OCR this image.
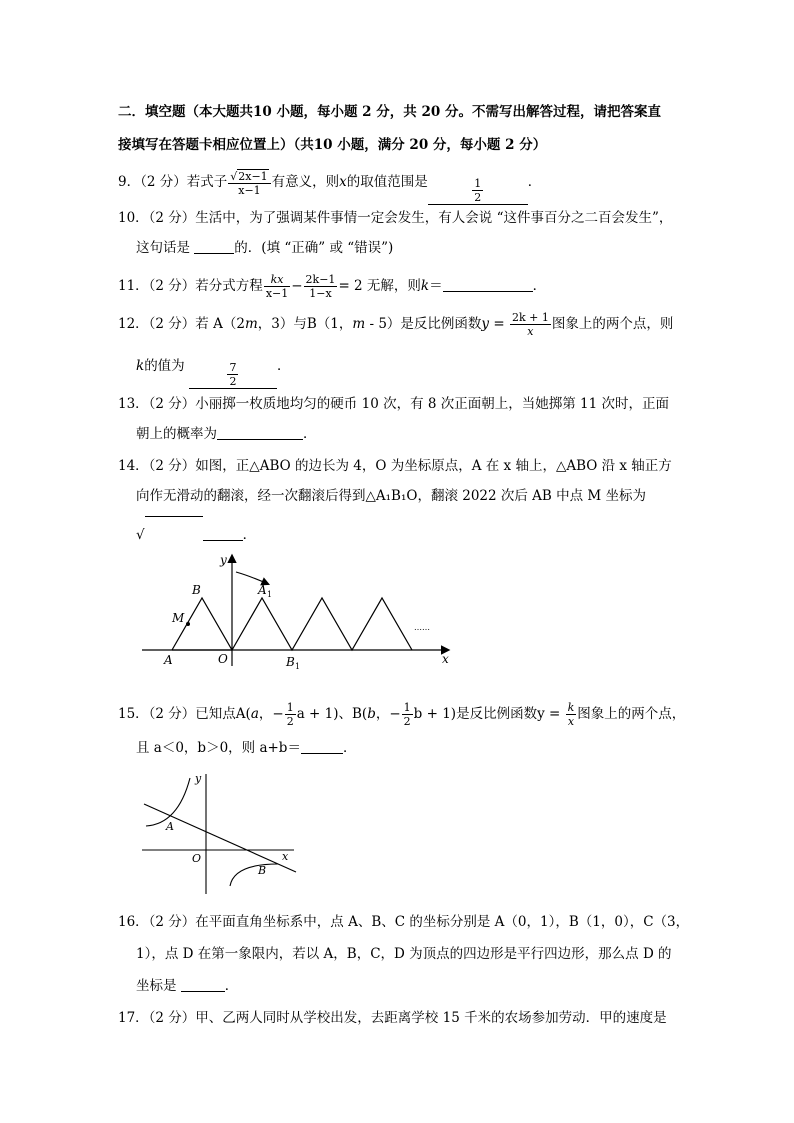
二．填空题（本大题共10 小题，每小题 2 分，共 20 分。不需写出解答过程，请把答案直
接填写在答题卡相应位置上）（共10 小题，满分 20 分，每小题 2 分）
9．（2 分）若式子 $\frac{√2x-1}{x-1}$ 有意义，则x的取值范围是	$\frac{1}{2}$	．
10．（2 分）生活中，为了强调某件事情一定会发生，有人会说 “这件事百分之二百会发生”，
这句话是	的．(填 “正确” 或 “错误”)
11．（2 分）若分式方程 $\frac{kx}{x-1} - \frac{2k-1}{1-x} = 2$ 无解，则k＝	．
12．（2 分）若 A（2m，3）与B（1，m - 5）是反比例函数$y = \frac{2k + 1}{x}$ 图象上的两个点，则
k的值为	$\frac{7}{2}$	．
13．（2 分）小丽掷一枚质地均匀的硬币 10 次，有 8 次正面朝上，当她掷第 11 次时，正面
朝上的概率为	．
14．（2 分）如图，正△ABO 的边长为 4，O 为坐标原点，A 在 x 轴上，△ABO 沿 x 轴正方
向作无滑动的翻滚，经一次翻滚后得到△A₁B₁O，翻滚 2022 次后 AB 中点 M 坐标为
√	．
y
x
B	A 1
M
A	O	B 1
……
15．（2 分）已知点A(a，− $\frac{1}{2}$ a + 1)、B(b，− $\frac{1}{2}$ b + 1)是反比例函数$y = \frac{k}{x}$ 图象上的两个点，
且 a＜0，b＞0，则 a+b＝	．
y
x
A
B
O
16．（2 分）在平面直角坐标系中，点 A、B、C 的坐标分别是 A（0，1），B（1，0），C（3，
1），点 D 在第一象限内，若以 A，B，C，D 为顶点的四边形是平行四边形，那么点 D 的
坐标是	．
17．（2 分）甲、乙两人同时从学校出发，去距离学校 15 千米的农场参加劳动．甲的速度是
